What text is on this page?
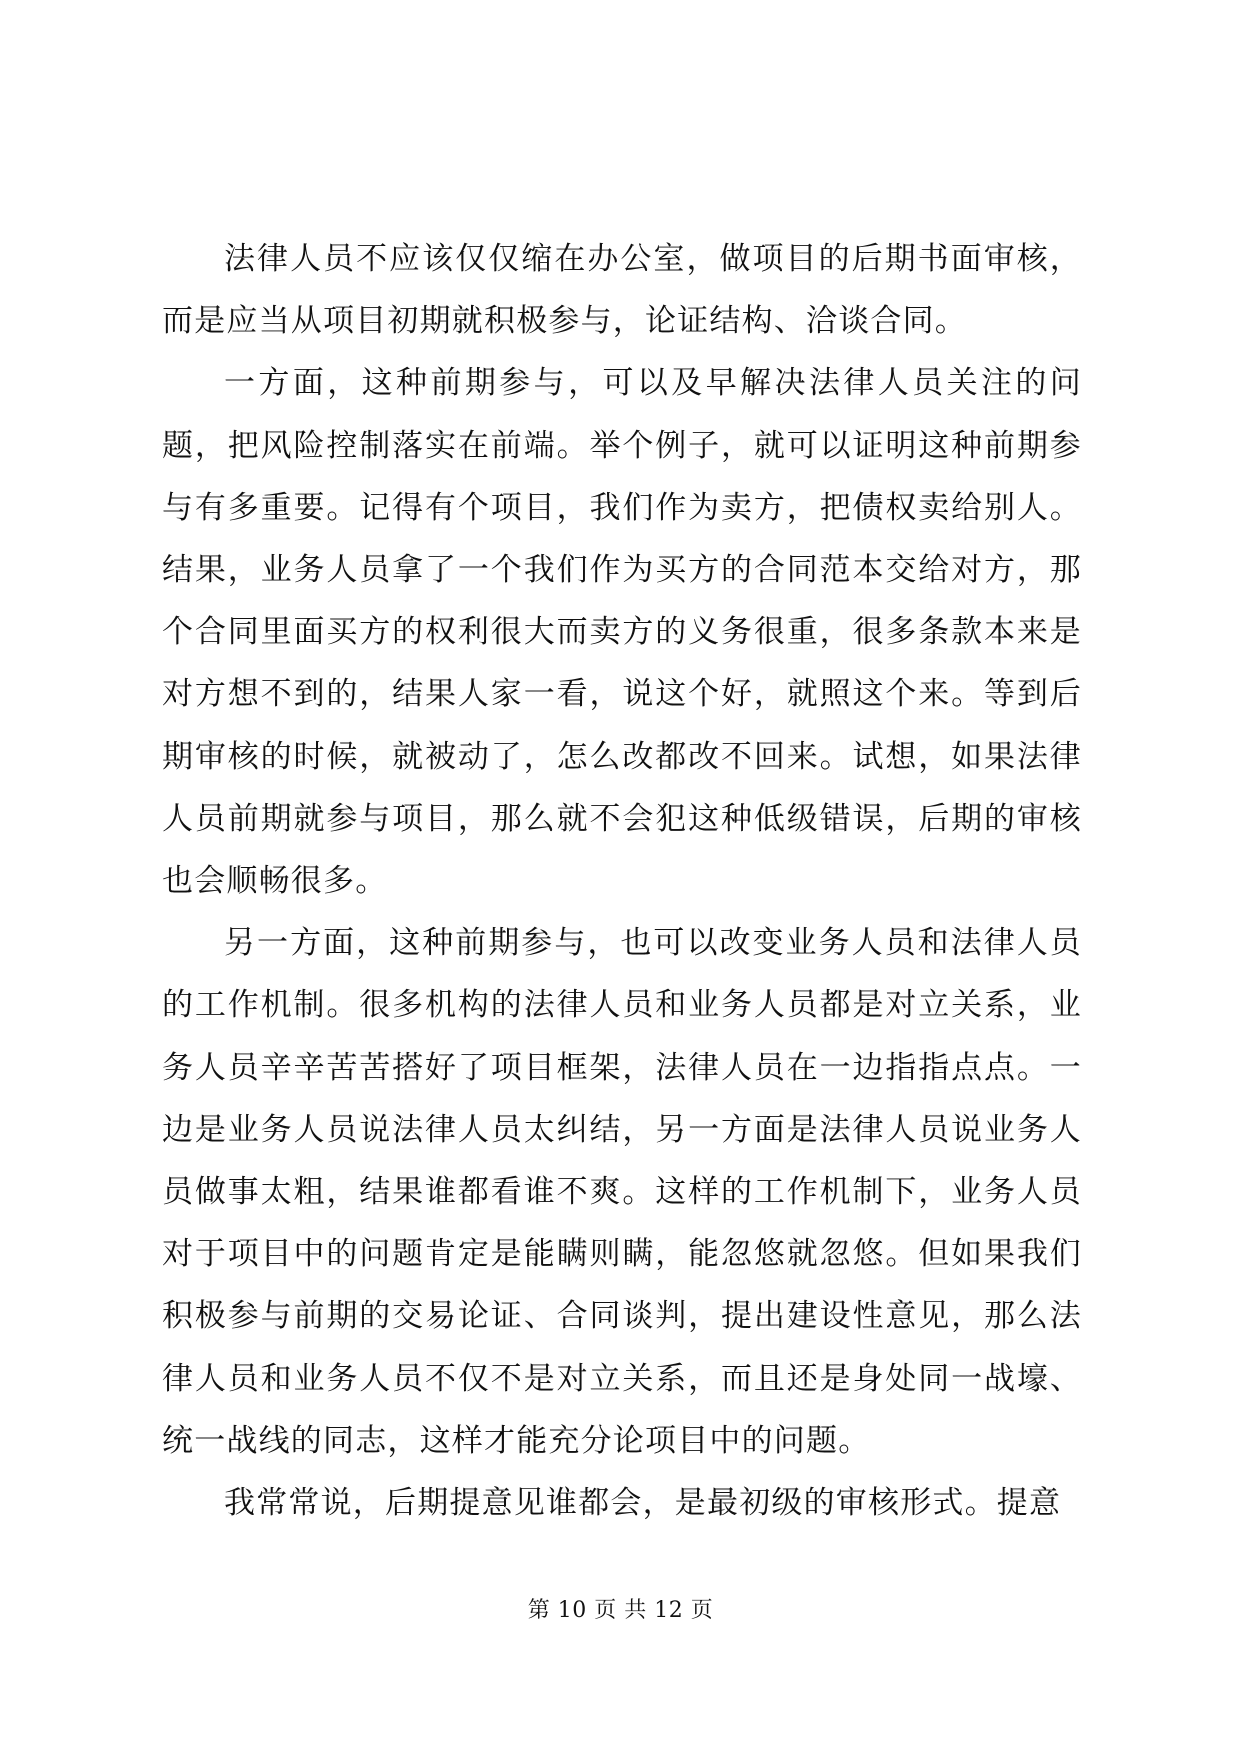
法律人员不应该仅仅缩在办公室，做项目的后期书面审核，而是应当从项目初期就积极参与，论证结构、洽谈合同。

一方面，这种前期参与，可以及早解决法律人员关注的问题，把风险控制落实在前端。举个例子，就可以证明这种前期参与有多重要。记得有个项目，我们作为卖方，把债权卖给别人。结果，业务人员拿了一个我们作为买方的合同范本交给对方，那个合同里面买方的权利很大而卖方的义务很重，很多条款本来是对方想不到的，结果人家一看，说这个好，就照这个来。等到后期审核的时候，就被动了，怎么改都改不回来。试想，如果法律人员前期就参与项目，那么就不会犯这种低级错误，后期的审核也会顺畅很多。

另一方面，这种前期参与，也可以改变业务人员和法律人员的工作机制。很多机构的法律人员和业务人员都是对立关系，业务人员辛辛苦苦搭好了项目框架，法律人员在一边指指点点。一边是业务人员说法律人员太纠结，另一方面是法律人员说业务人员做事太粗，结果谁都看谁不爽。这样的工作机制下，业务人员对于项目中的问题肯定是能瞒则瞒，能忽悠就忽悠。但如果我们积极参与前期的交易论证、合同谈判，提出建设性意见，那么法律人员和业务人员不仅不是对立关系，而且还是身处同一战壕、统一战线的同志，这样才能充分论项目中的问题。

我常常说，后期提意见谁都会，是最初级的审核形式。提意

第 10 页 共 12 页
